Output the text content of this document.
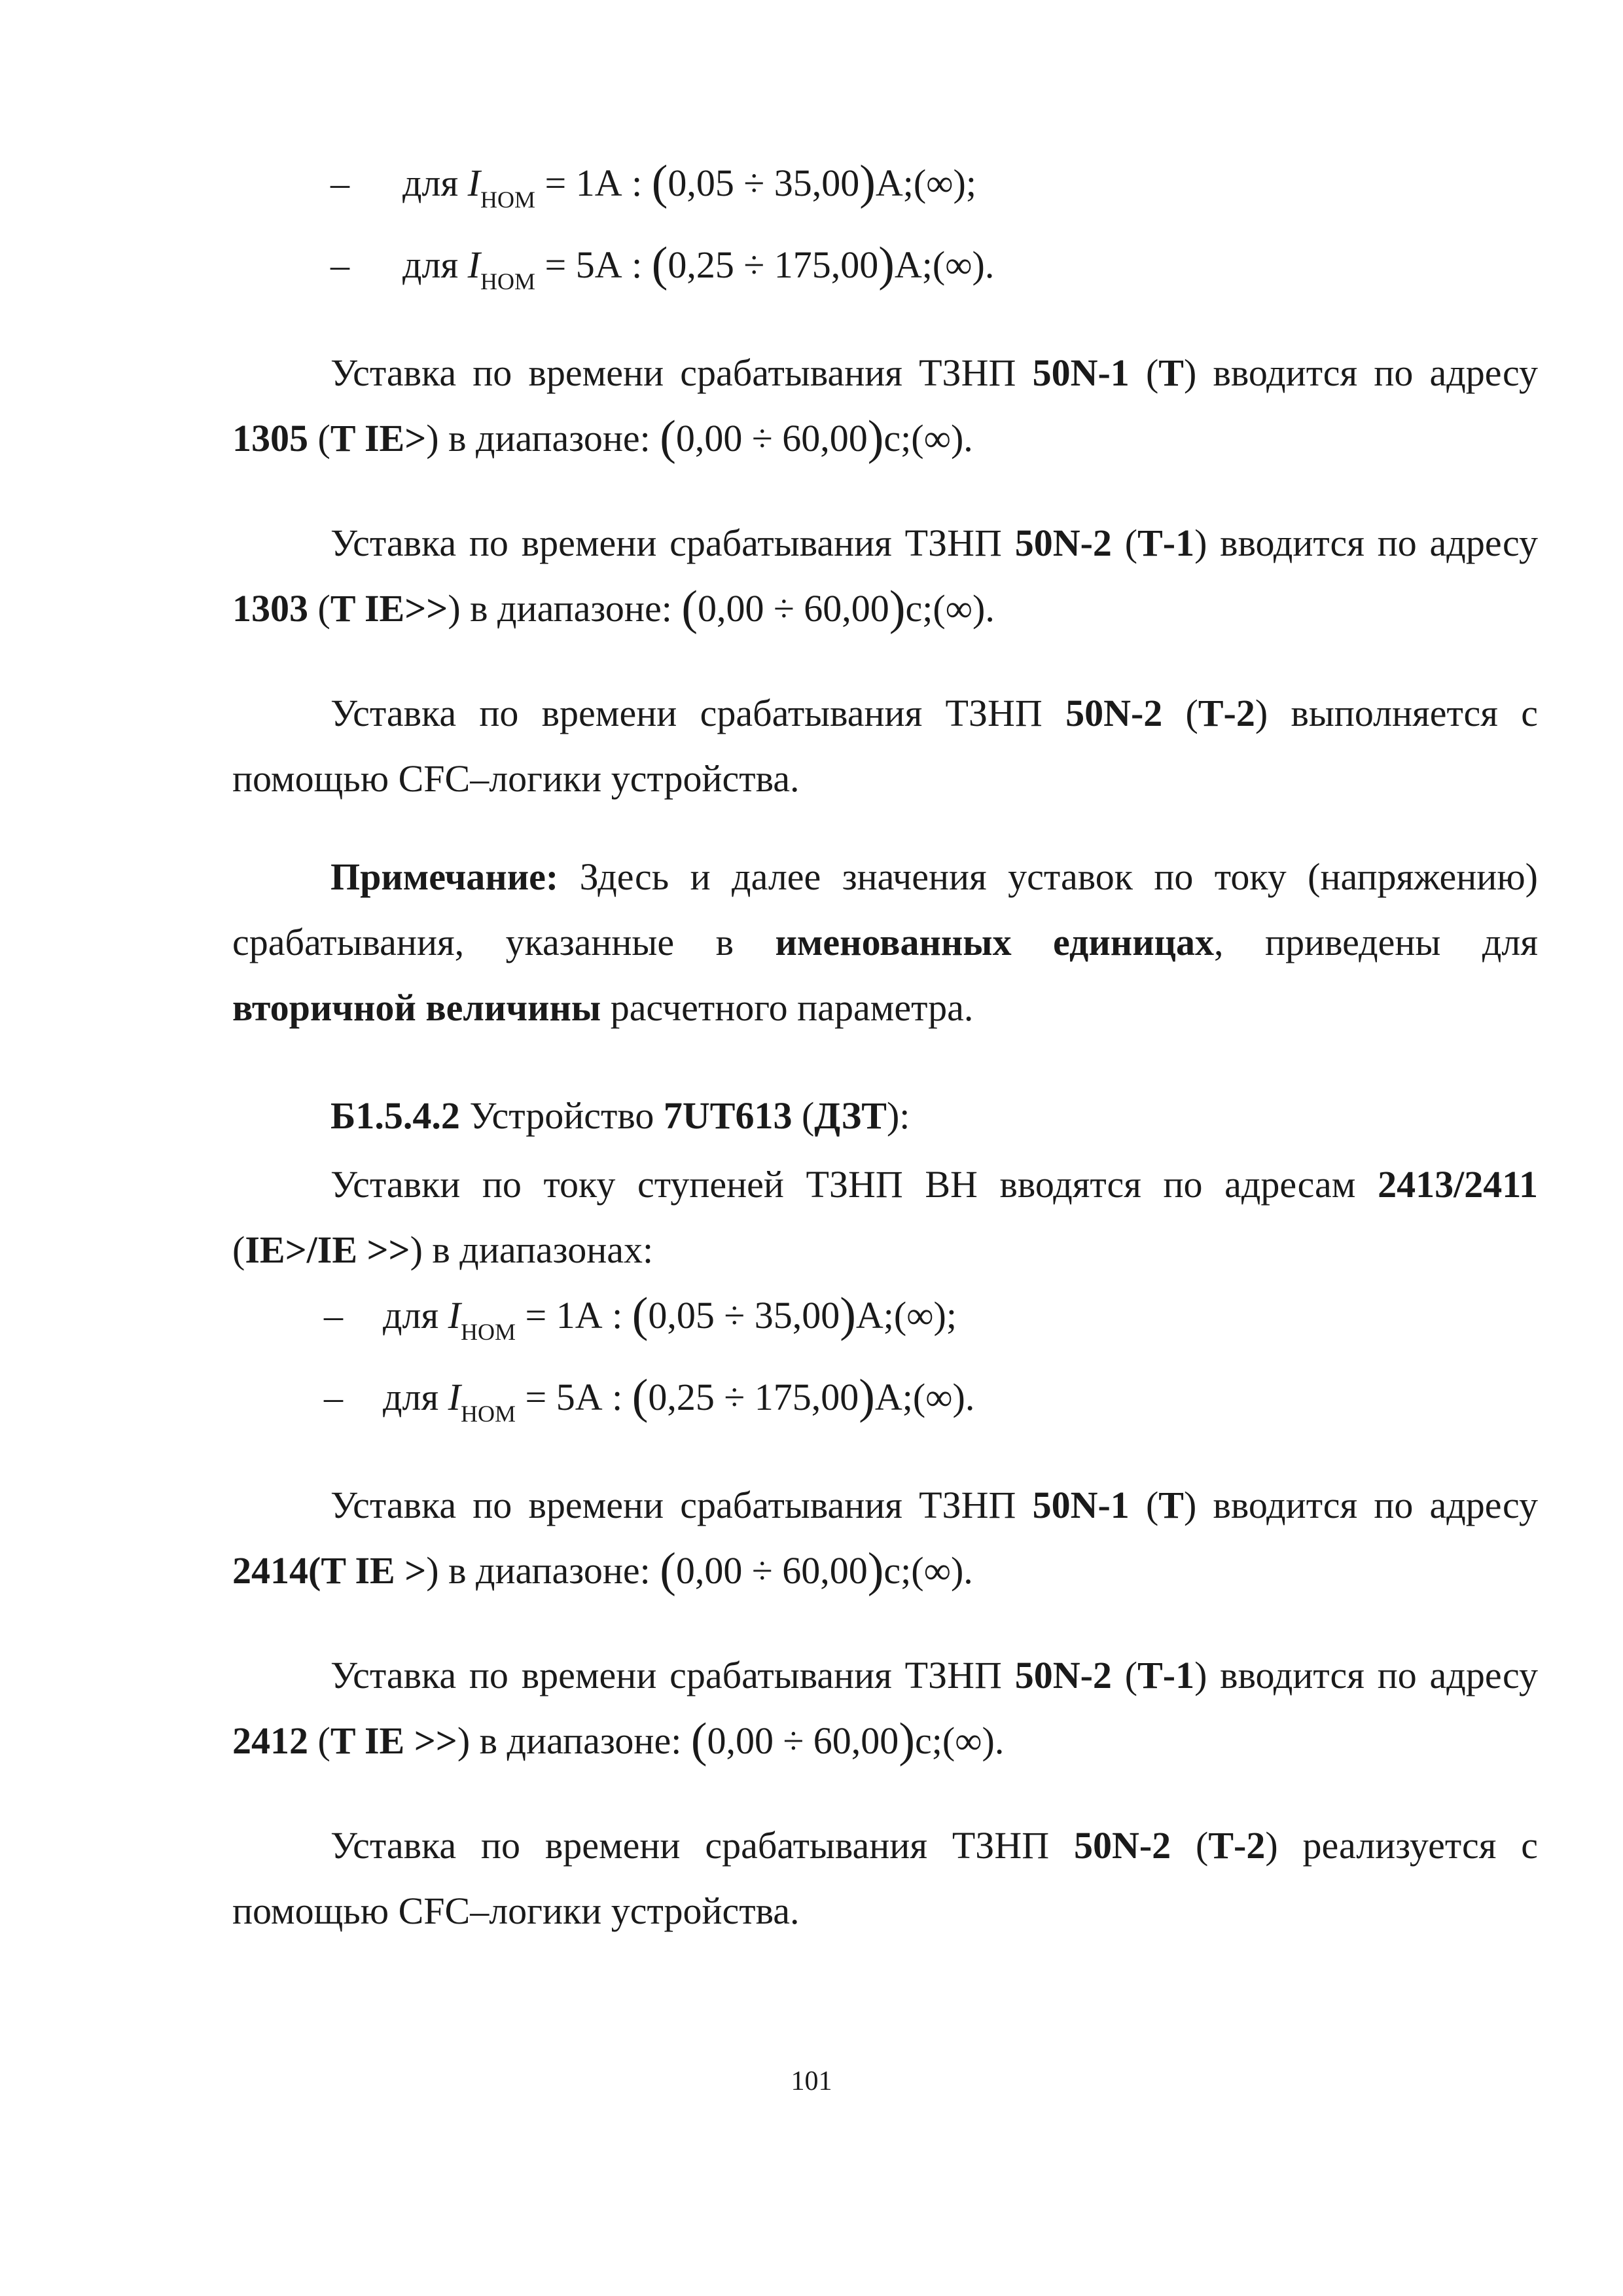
– для $I_{НОМ} = 1А$ : (0,05 ÷ 35,00)А;(∞);
– для $I_{НОМ} = 5А$ : (0,25 ÷ 175,00)А;(∞).
Уставка по времени срабатывания ТЗНП 50N-1 (Т) вводится по адресу
1305 (T IE>) в диапазоне: (0,00 ÷ 60,00)с;(∞).
Уставка по времени срабатывания ТЗНП 50N-2 (Т-1) вводится по адресу
1303 (T IE>>) в диапазоне: (0,00 ÷ 60,00)с;(∞).
Уставка по времени срабатывания ТЗНП 50N-2 (Т-2) выполняется с
помощью CFC–логики устройства.
Примечание: Здесь и далее значения уставок по току (напряжению)
срабатывания, указанные в именованных единицах, приведены для
вторичной величины расчетного параметра.
Б1.5.4.2 Устройство 7UT613 (ДЗТ):
Уставки по току ступеней ТЗНП ВН вводятся по адресам 2413/2411
(IE>/IE >>) в диапазонах:
– для $I_{НОМ} = 1А$ : (0,05 ÷ 35,00)А;(∞);
– для $I_{НОМ} = 5А$ : (0,25 ÷ 175,00)А;(∞).
Уставка по времени срабатывания ТЗНП 50N-1 (Т) вводится по адресу
2414(T IE >) в диапазоне: (0,00 ÷ 60,00)с;(∞).
Уставка по времени срабатывания ТЗНП 50N-2 (Т-1) вводится по адресу
2412 (T IE >>) в диапазоне: (0,00 ÷ 60,00)с;(∞).
Уставка по времени срабатывания ТЗНП 50N-2 (Т-2) реализуется с
помощью CFC–логики устройства.
101
